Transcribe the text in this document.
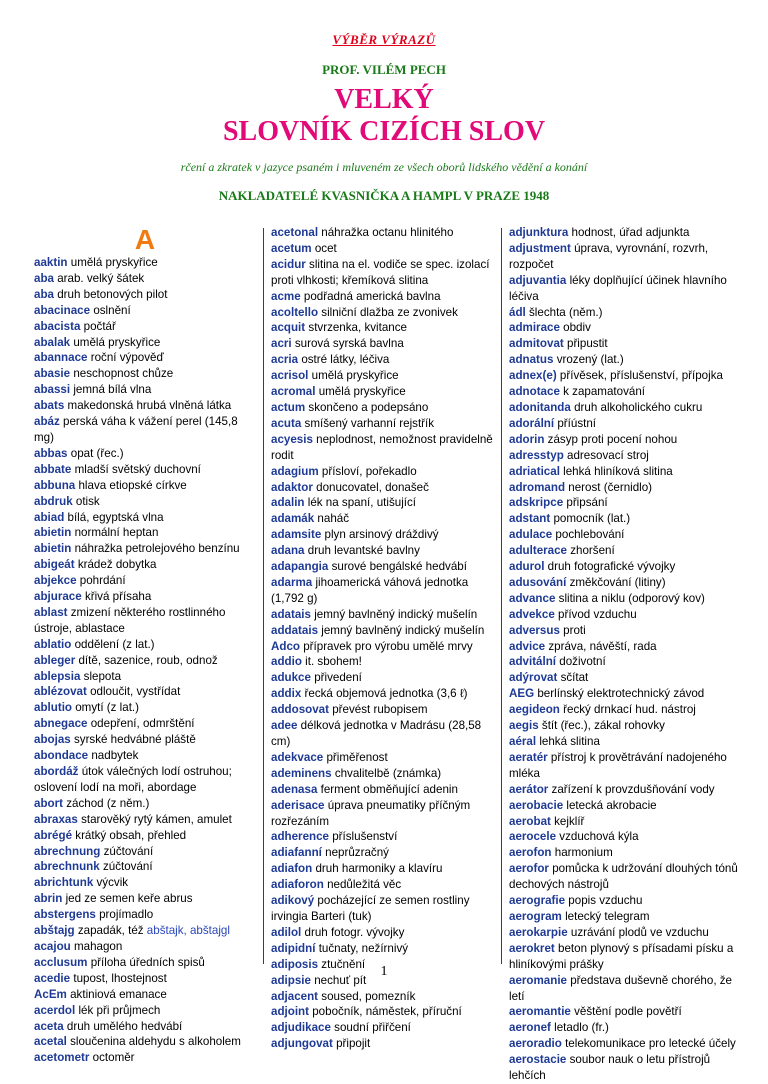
VÝBĚR VÝRAZŮ
PROF. VILÉM PECH
VELKÝ
SLOVNÍK CIZÍCH SLOV
rčení a zkratek v jazyce psaném i mluveném ze všech oborů lidského vědění a konání
NAKLADATELÉ KVASNIČKA A HAMPL V PRAZE 1948
A
aaktin umělá pryskyřice
aba arab. velký šátek
aba druh betonových pilot
abacinace oslnění
abacista počtář
abalak umělá pryskyřice
abannace roční výpověď
abasie neschopnost chůze
abassi jemná bílá vlna
abats makedonská hrubá vlněná látka
abáz perská váha k vážení perel (145,8 mg)
abbas opat (řec.)
abbate mladší světský duchovní
abbuna hlava etiopské církve
abdruk otisk
abiad bílá, egyptská vlna
abietin normální heptan
abietin náhražka petrolejového benzínu
abigeát krádež dobytka
abjekce pohrdání
abjurace křivá přísaha
ablast zmizení některého rostlinného ústroje, ablastace
ablatio oddělení (z lat.)
ableger dítě, sazenice, roub, odnož
ablepsia slepota
ablézovat odloučit, vystřídat
ablutio omytí (z lat.)
abnegace odepření, odmrštění
abojas syrské hedvábné pláště
abondace nadbytek
abordáž útok válečných lodí ostruhou; oslovení lodí na moři, abordage
abort záchod (z něm.)
abraxas starověký rytý kámen, amulet
abrégé krátký obsah, přehled
abrechnung zúčtování
abrechnunk zúčtování
abrichtunk výcvik
abrin jed ze semen keře abrus
abstergens projímadlo
abštajg zapadák, též abštajk, abštajgl
acajou mahagon
acclusum příloha úředních spisů
acedie tupost, lhostejnost
AcEm aktiniová emanace
acerdol lék při průjmech
aceta druh umělého hedvábí
acetal sloučenina aldehydu s alkoholem
acetometr octoměr
acetonal náhražka octanu hlinitého
acetum ocet
acidur slitina na el. vodiče se spec. izolací proti vlhkosti; křemíková slitina
acme podřadná americká bavlna
acoltello silniční dlažba ze zvonivek
acquit stvrzenka, kvitance
acri surová syrská bavlna
acria ostré látky, léčiva
acrisol umělá pryskyřice
acromal umělá pryskyřice
actum skončeno a podepsáno
acuta smíšený varhanní rejstřík
acyesis neplodnost, nemožnost pravidelně rodit
adagium přísloví, pořekadlo
adaktor donucovatel, donašeč
adalin lék na spaní, utišující
adamák naháč
adamsite plyn arsinový dráždivý
adana druh levantské bavlny
adapangia surové bengálské hedvábí
adarma jihoamerická váhová jednotka (1,792 g)
adatais jemný bavlněný indický mušelín
addatais jemný bavlněný indický mušelín
Adco přípravek pro výrobu umělé mrvy
addio it. sbohem!
adukce přivedení
addix řecká objemová jednotka (3,6 ℓ)
addosovat převést rubopisem
adee délková jednotka v Madrásu (28,58 cm)
adekvace přiměřenost
ademinens chvalitelbě (známka)
adenasa ferment obměňující adenin
aderisace úprava pneumatiky příčným rozřezáním
adherence příslušenství
adiafanní neprůzračný
adiafon druh harmoniky a klavíru
adiaforon nedůležitá věc
adikový pocházející ze semen rostliny irvingia Barteri (tuk)
adilol druh fotogr. vývojky
adipidní tučnaty, nežírnivý
adiposis ztučnění
adipsie nechuť pít
adjacent soused, pomezník
adjoint pobočník, náměstek, příruční
adjudikace soudní přiřčení
adjungovat připojit
adjunktura hodnost, úřad adjunkta
adjustment úprava, vyrovnání, rozvrh, rozpočet
adjuvantia léky doplňující účinek hlavního léčiva
ádl šlechta (něm.)
admirace obdiv
admitovat připustit
adnatus vrozený (lat.)
adnex(e) přívěsek, příslušenství, přípojka
adnotace k zapamatování
adonitanda druh alkoholického cukru
adorální příústní
adorin zásyp proti pocení nohou
adresstyp adresovací stroj
adriatical lehká hliníková slitina
adromand nerost (černidlo)
adskripce připsání
adstant pomocník (lat.)
adulace pochlebování
adulterace zhoršení
adurol druh fotografické vývojky
adusování změkčování (litiny)
advance slitina a niklu (odporový kov)
advekce přívod vzduchu
adversus proti
advice zpráva, návěští, rada
advitální doživotní
adýrovat sčítat
AEG berlínský elektrotechnický závod
aegideon řecký drnkací hud. nástroj
aegis štít (řec.), zákal rohovky
aéral lehká slitina
aeratér přístroj k provětrávání nadojeného mléka
aerátor zařízení k provzdušňování vody
aerobacie letecká akrobacie
aerobat kejklíř
aerocele vzduchová kýla
aerofon harmonium
aerofor pomůcka k udržování dlouhých tónů dechových nástrojů
aerografie popis vzduchu
aerogram letecký telegram
aerokarpie uzrávání plodů ve vzduchu
aerokret beton plynový s přísadami písku a hliníkovými prášky
aeromanie představa duševně chorého, že letí
aeromantie věštění podle povětří
aeronef letadlo (fr.)
aeroradio telekomunikace pro letecké účely
aerostacie soubor nauk o letu přístrojů lehčích
1
